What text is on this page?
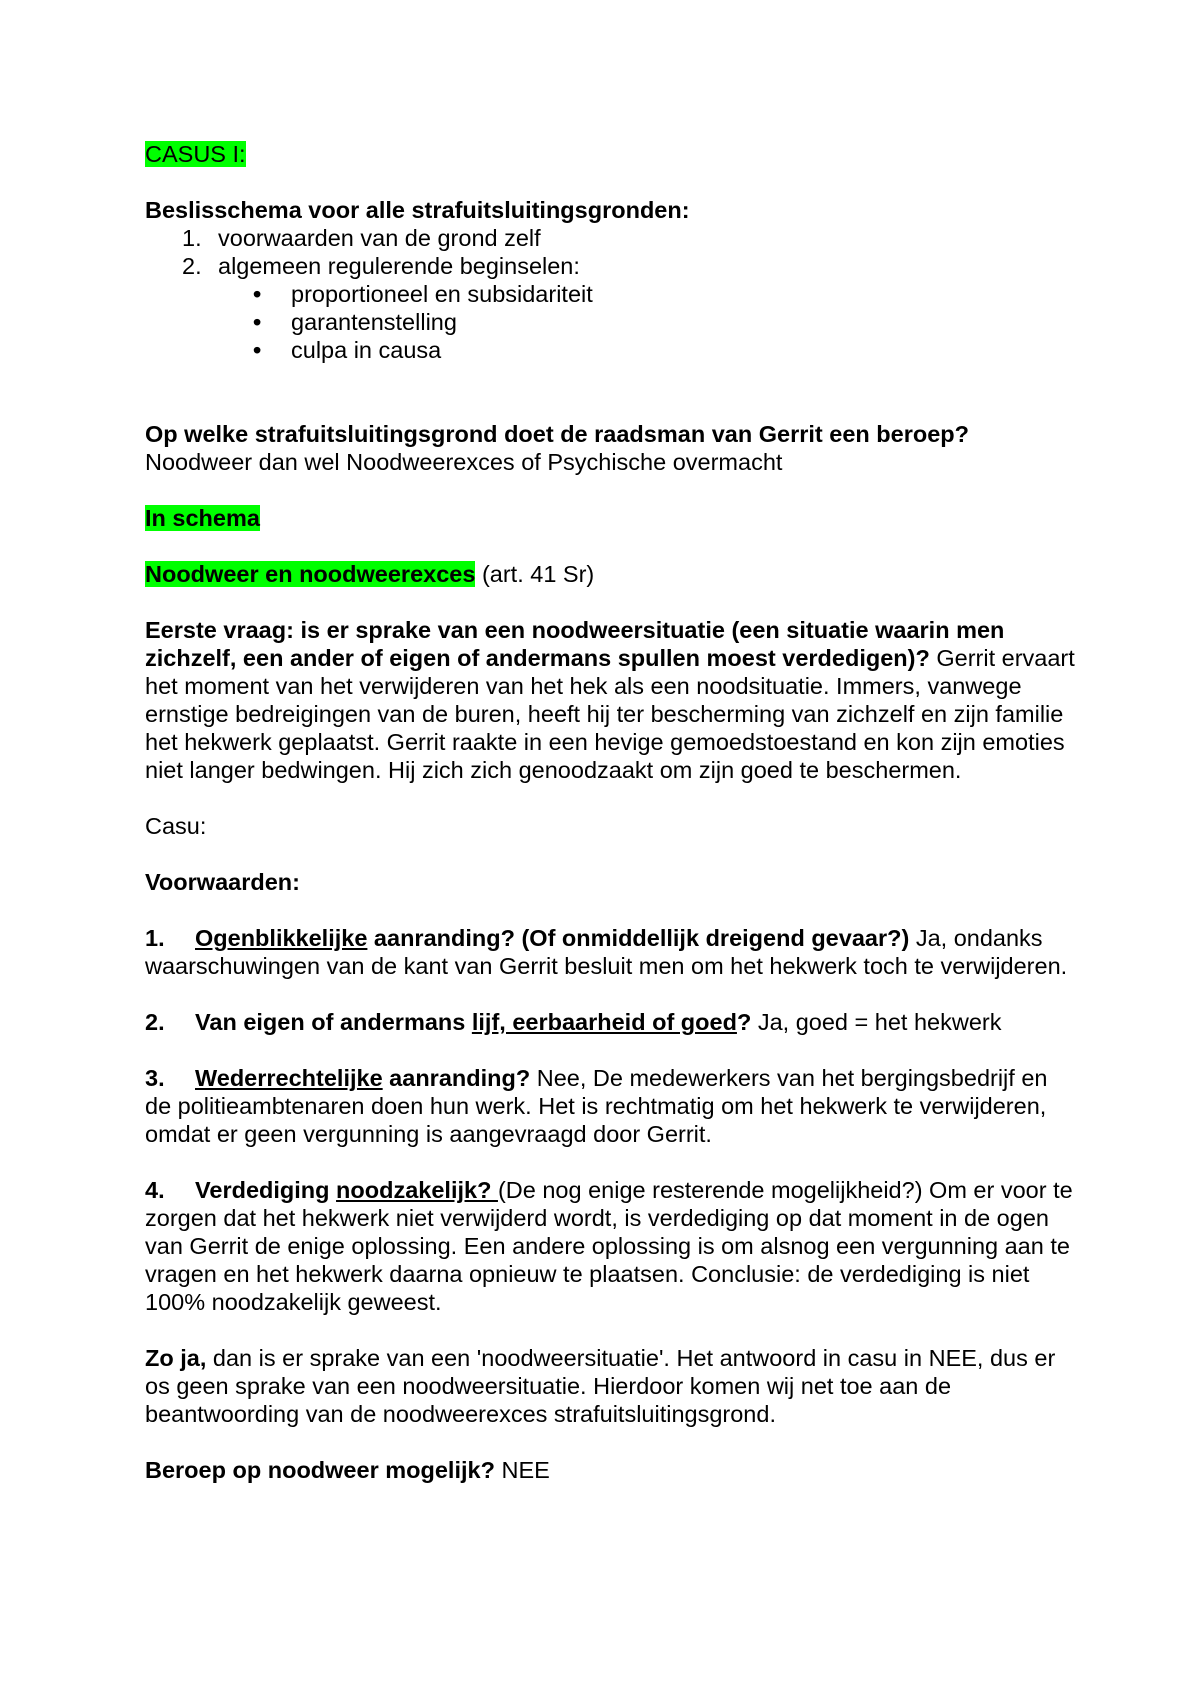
CASUS I:

Beslisschema voor alle strafuitsluitingsgronden:

1. voorwaarden van de grond zelf
2. algemeen regulerende beginselen:
• proportioneel en subsidariteit
• garantenstelling
• culpa in causa

Op welke strafuitsluitingsgrond doet de raadsman van Gerrit een beroep?

Noodweer dan wel Noodweerexces of Psychische overmacht

In schema

Noodweer en noodweerexces (art. 41 Sr)

Eerste vraag: is er sprake van een noodweersituatie (een situatie waarin men zichzelf, een ander of eigen of andermans spullen moest verdedigen)? Gerrit ervaart het moment van het verwijderen van het hek als een noodsituatie. Immers, vanwege ernstige bedreigingen van de buren, heeft hij ter bescherming van zichzelf en zijn familie het hekwerk geplaatst. Gerrit raakte in een hevige gemoedstoestand en kon zijn emoties niet langer bedwingen. Hij zich zich genoodzaakt om zijn goed te beschermen.

Casu:

Voorwaarden:

1. Ogenblikkelijke aanranding? (Of onmiddellijk dreigend gevaar?) Ja, ondanks waarschuwingen van de kant van Gerrit besluit men om het hekwerk toch te verwijderen.

2. Van eigen of andermans lijf, eerbaarheid of goed? Ja, goed = het hekwerk

3. Wederrechtelijke aanranding? Nee, De medewerkers van het bergingsbedrijf en de politieambtenaren doen hun werk. Het is rechtmatig om het hekwerk te verwijderen, omdat er geen vergunning is aangevraagd door Gerrit.

4. Verdediging noodzakelijk? (De nog enige resterende mogelijkheid?) Om er voor te zorgen dat het hekwerk niet verwijderd wordt, is verdediging op dat moment in de ogen van Gerrit de enige oplossing. Een andere oplossing is om alsnog een vergunning aan te vragen en het hekwerk daarna opnieuw te plaatsen. Conclusie: de verdediging is niet 100% noodzakelijk geweest.

Zo ja, dan is er sprake van een 'noodweersituatie'. Het antwoord in casu in NEE, dus er os geen sprake van een noodweersituatie. Hierdoor komen wij net toe aan de beantwoording van de noodweerexces strafuitsluitingsgrond.

Beroep op noodweer mogelijk? NEE
